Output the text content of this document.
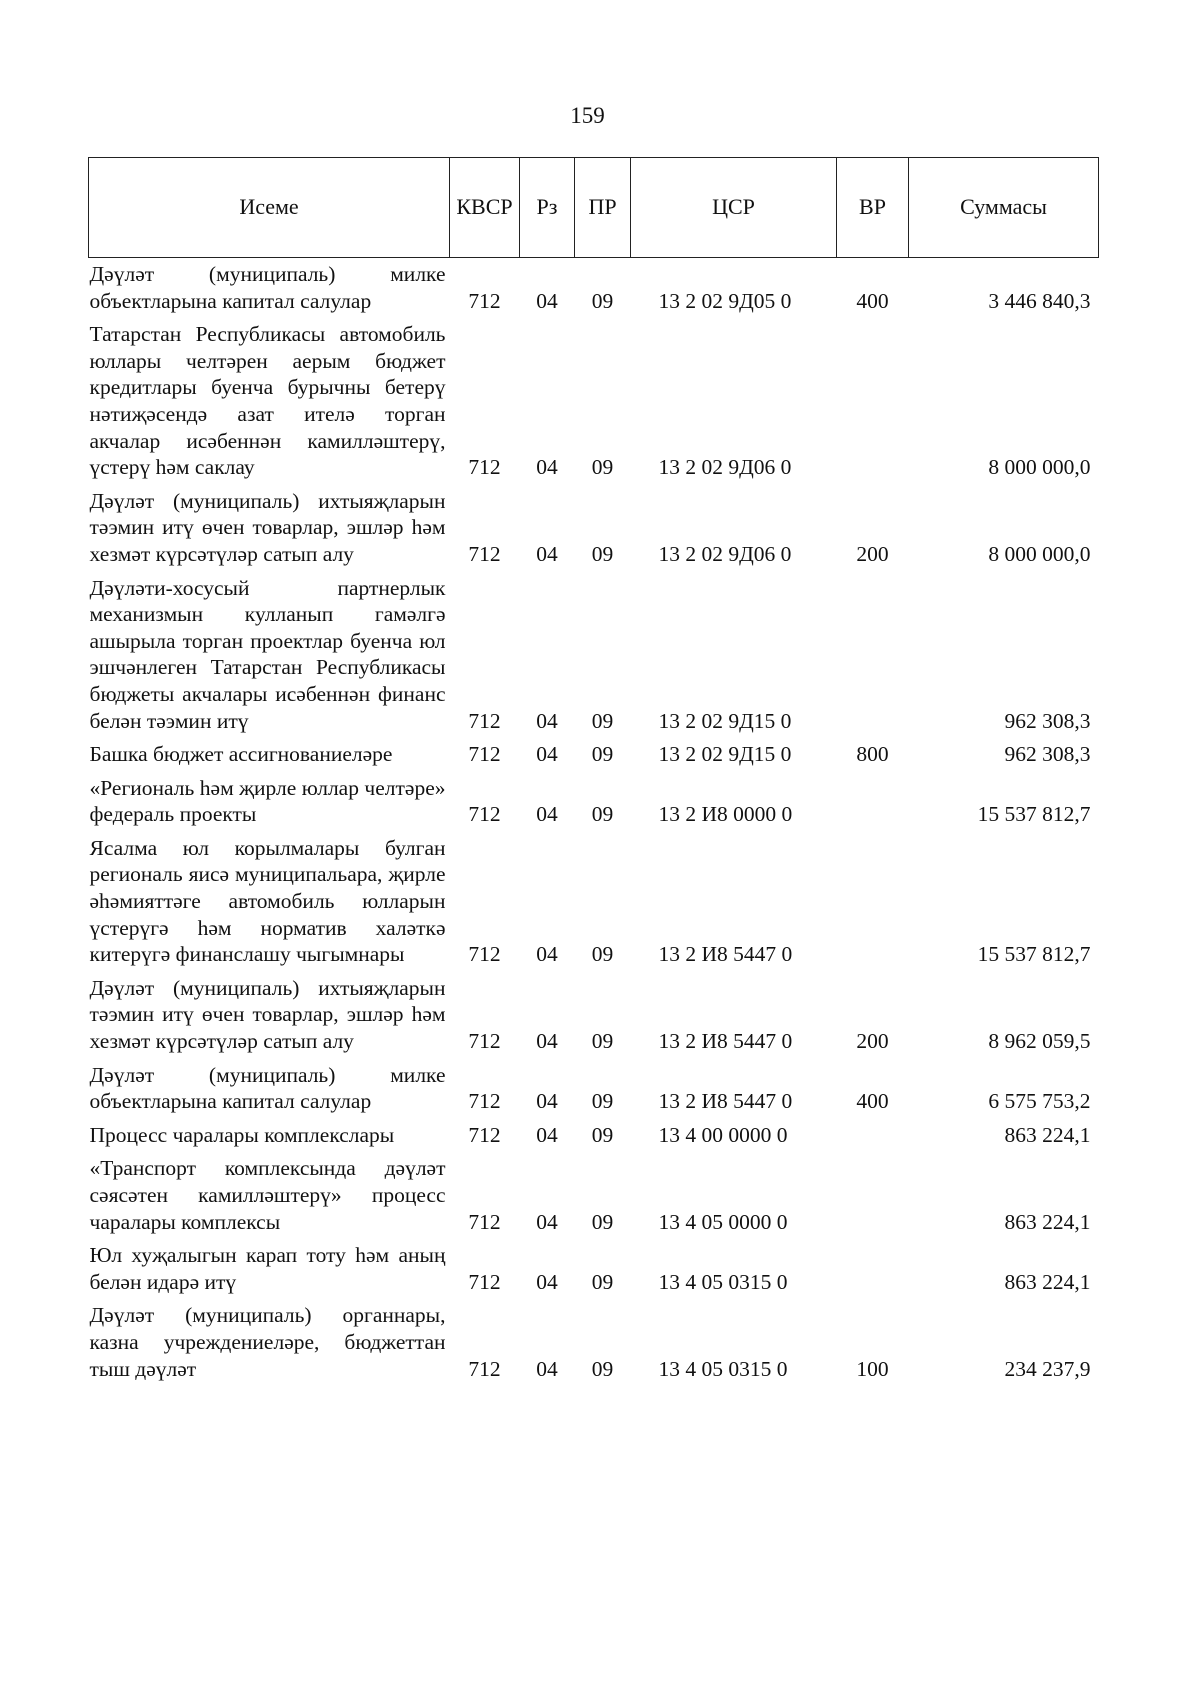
159
Исеме	КВСР	Рз	ПР	ЦСР	ВР	Суммасы
Дәүләт (муниципаль) милке объектларына капитал салулар	712	04	09	13 2 02 9Д05 0	400	3 446 840,3
Татарстан Республикасы автомобиль юллары челтәрен аерым бюджет кредитлары буенча бурычны бетерү нәтиҗәсендә азат ителә торган акчалар исәбеннән камилләштерү, үстерү һәм саклау	712	04	09	13 2 02 9Д06 0		8 000 000,0
Дәүләт (муниципаль) ихтыяҗларын тәэмин итү өчен товарлар, эшләр һәм хезмәт күрсәтүләр сатып алу	712	04	09	13 2 02 9Д06 0	200	8 000 000,0
Дәүләти-хосусый партнерлык механизмын кулланып гамәлгә ашырыла торган проектлар буенча юл эшчәнлеген Татарстан Республикасы бюджеты акчалары исәбеннән финанс белән тәэмин итү	712	04	09	13 2 02 9Д15 0		962 308,3
Башка бюджет ассигнованиеләре	712	04	09	13 2 02 9Д15 0	800	962 308,3
«Региональ һәм җирле юллар челтәре» федераль проекты	712	04	09	13 2 И8 0000 0		15 537 812,7
Ясалма юл корылмалары булган региональ яисә муниципальара, җирле әһәмияттәге автомобиль юлларын үстерүгә һәм норматив халәткә китерүгә финанслашу чыгымнары	712	04	09	13 2 И8 5447 0		15 537 812,7
Дәүләт (муниципаль) ихтыяҗларын тәэмин итү өчен товарлар, эшләр һәм хезмәт күрсәтүләр сатып алу	712	04	09	13 2 И8 5447 0	200	8 962 059,5
Дәүләт (муниципаль) милке объектларына капитал салулар	712	04	09	13 2 И8 5447 0	400	6 575 753,2
Процесс чаралары комплекслары	712	04	09	13 4 00 0000 0		863 224,1
«Транспорт комплексында дәүләт сәясәтен камилләштерү» процесс чаралары комплексы	712	04	09	13 4 05 0000 0		863 224,1
Юл хуҗалыгын карап тоту һәм аның белән идарә итү	712	04	09	13 4 05 0315 0		863 224,1
Дәүләт (муниципаль) органнары, казна учреждениеләре, бюджеттан тыш дәүләт	712	04	09	13 4 05 0315 0	100	234 237,9
